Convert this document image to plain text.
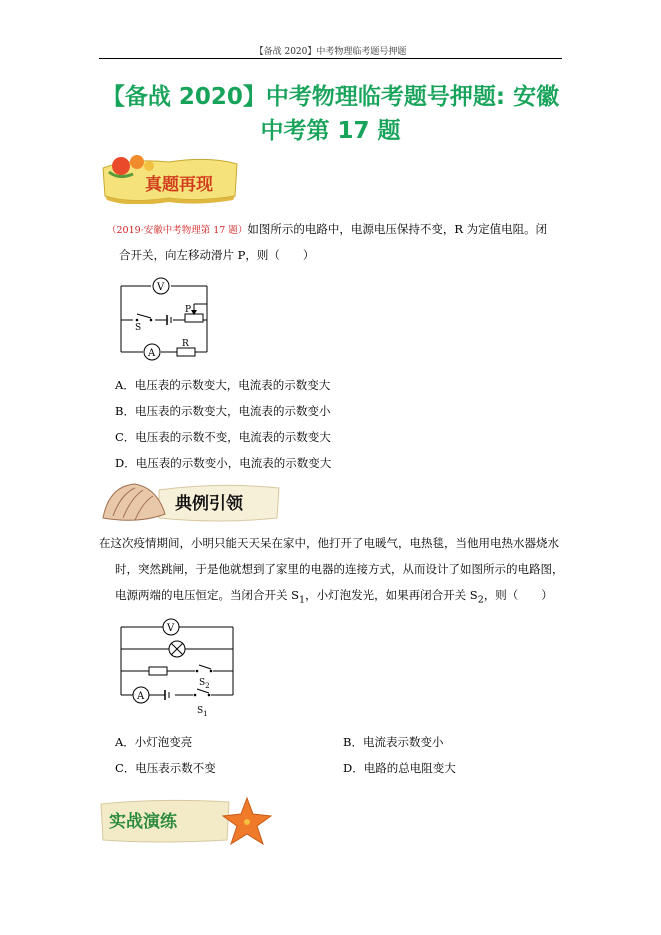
【备战 2020】中考物理临考题号押题
【备战 2020】中考物理临考题号押题: 安徽
中考第 17 题
真题再现
（2019·安徽中考物理第 17 题）如图所示的电路中，电源电压保持不变，R 为定值电阻。闭
合开关，向左移动滑片 P，则（　　）
V
A
P
S
R
A．电压表的示数变大，电流表的示数变大
B．电压表的示数变大，电流表的示数变小
C．电压表的示数不变，电流表的示数变大
D．电压表的示数变小，电流表的示数变大
典例引领
在这次疫情期间，小明只能天天呆在家中，他打开了电暖气，电热毯，当他用电热水器烧水
时，突然跳闸，于是他就想到了家里的电器的连接方式，从而设计了如图所示的电路图，
电源两端的电压恒定。当闭合开关 $S_1$，小灯泡发光，如果再闭合开关 $S_2$，则（　　）
V
A
$S_2$
$S_1$
A．小灯泡变亮	B．电流表示数变小
C．电压表示数不变	D．电路的总电阻变大
实战演练
